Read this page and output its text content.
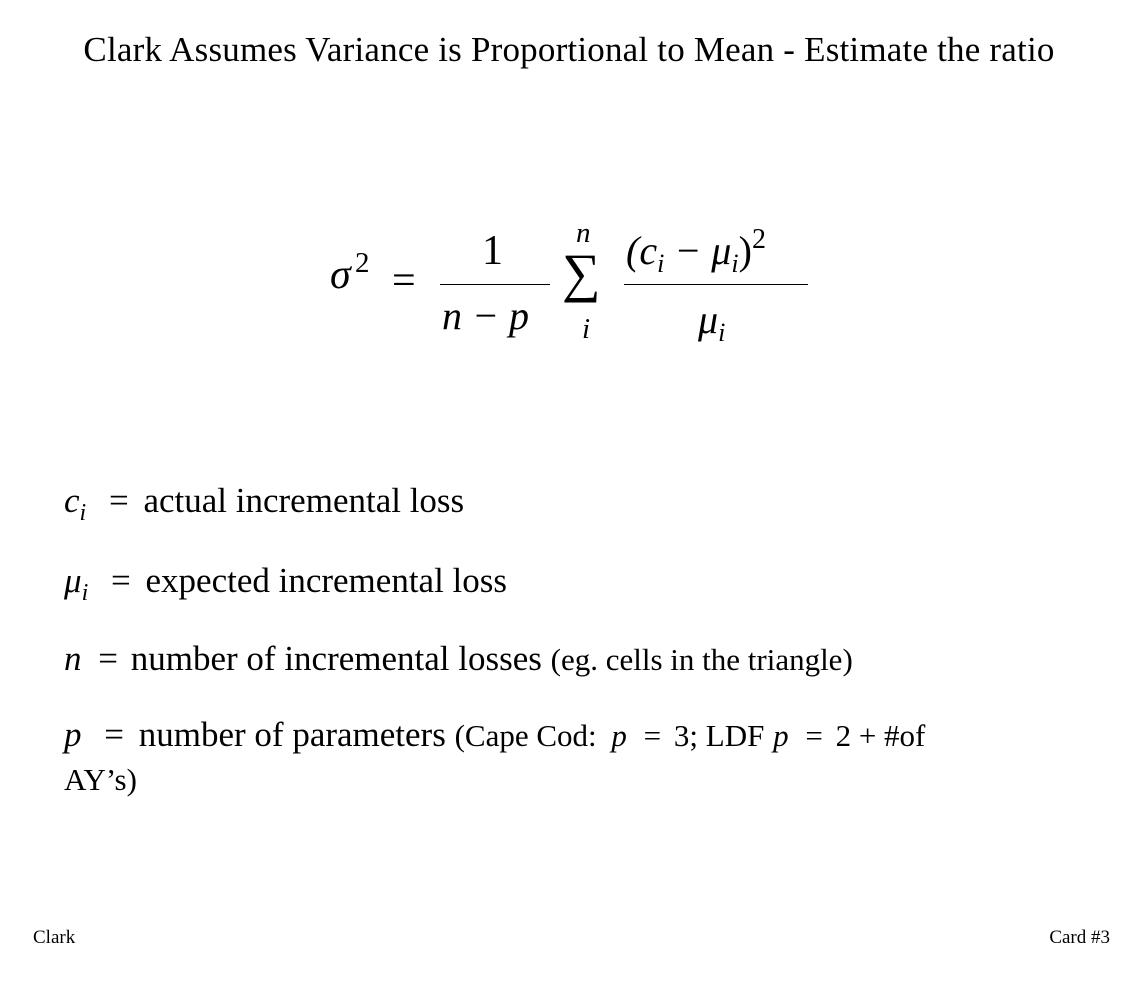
Clark Assumes Variance is Proportional to Mean - Estimate the ratio
σ 2 =
1
n − p
n
∑
i
$(c_i - \mu_i)^2$
$\mu_i$
$c_i$ = actual incremental loss
$\mu_i$ = expected incremental loss
n = number of incremental losses (eg. cells in the triangle)
p = number of parameters (Cape Cod: p = 3; LDF p = 2 + #of
AY’s)
Clark	Card #3
